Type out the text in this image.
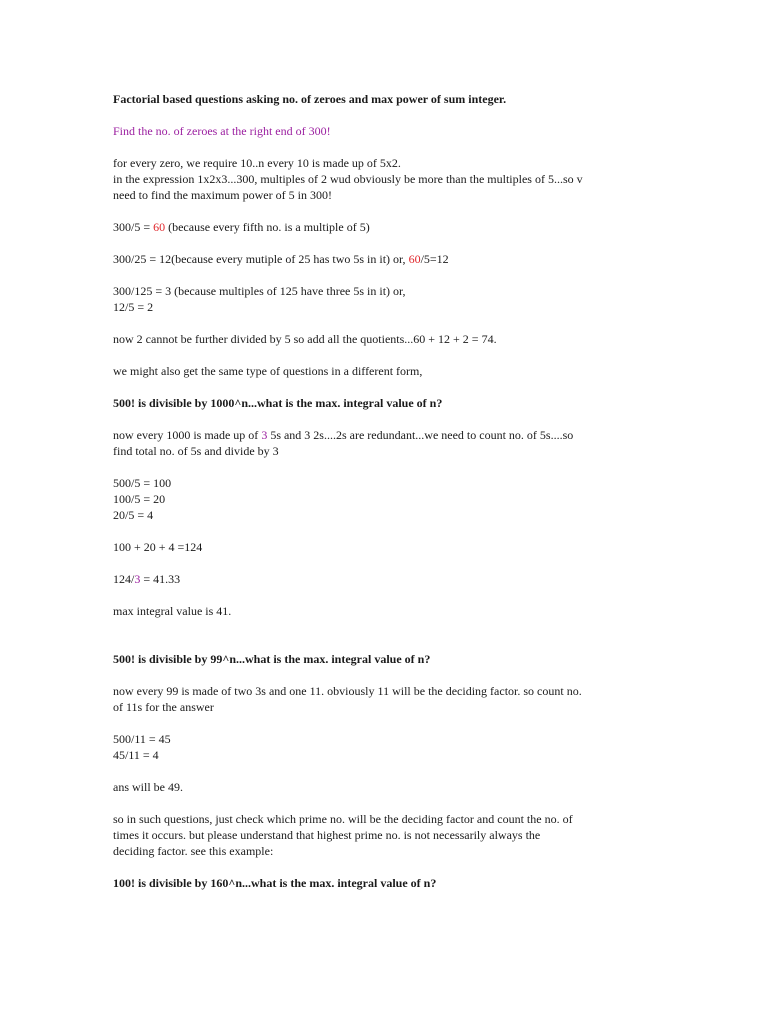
Factorial based questions asking no. of zeroes and max power of sum integer.

Find the no. of zeroes at the right end of 300!

for every zero, we require 10..n every 10 is made up of 5x2.

in the expression 1x2x3...300, multiples of 2 wud obviously be more than the multiples of 5...so v

need to find the maximum power of 5 in 300!

300/5 = 60 (because every fifth no. is a multiple of 5)

300/25 = 12(because every mutiple of 25 has two 5s in it) or, 60/5=12

300/125 = 3 (because multiples of 125 have three 5s in it) or,

12/5 = 2

now 2 cannot be further divided by 5 so add all the quotients...60 + 12 + 2 = 74.

we might also get the same type of questions in a different form,

500! is divisible by 1000^n...what is the max. integral value of n?

now every 1000 is made up of 3 5s and 3 2s....2s are redundant...we need to count no. of 5s....so

find total no. of 5s and divide by 3

500/5 = 100

100/5 = 20

20/5 = 4

100 + 20 + 4 =124

124/3 = 41.33

max integral value is 41.

500! is divisible by 99^n...what is the max. integral value of n?

now every 99 is made of two 3s and one 11. obviously 11 will be the deciding factor. so count no.

of 11s for the answer

500/11 = 45

45/11 = 4

ans will be 49.

so in such questions, just check which prime no. will be the deciding factor and count the no. of

times it occurs. but please understand that highest prime no. is not necessarily always the

deciding factor. see this example:

100! is divisible by 160^n...what is the max. integral value of n?
